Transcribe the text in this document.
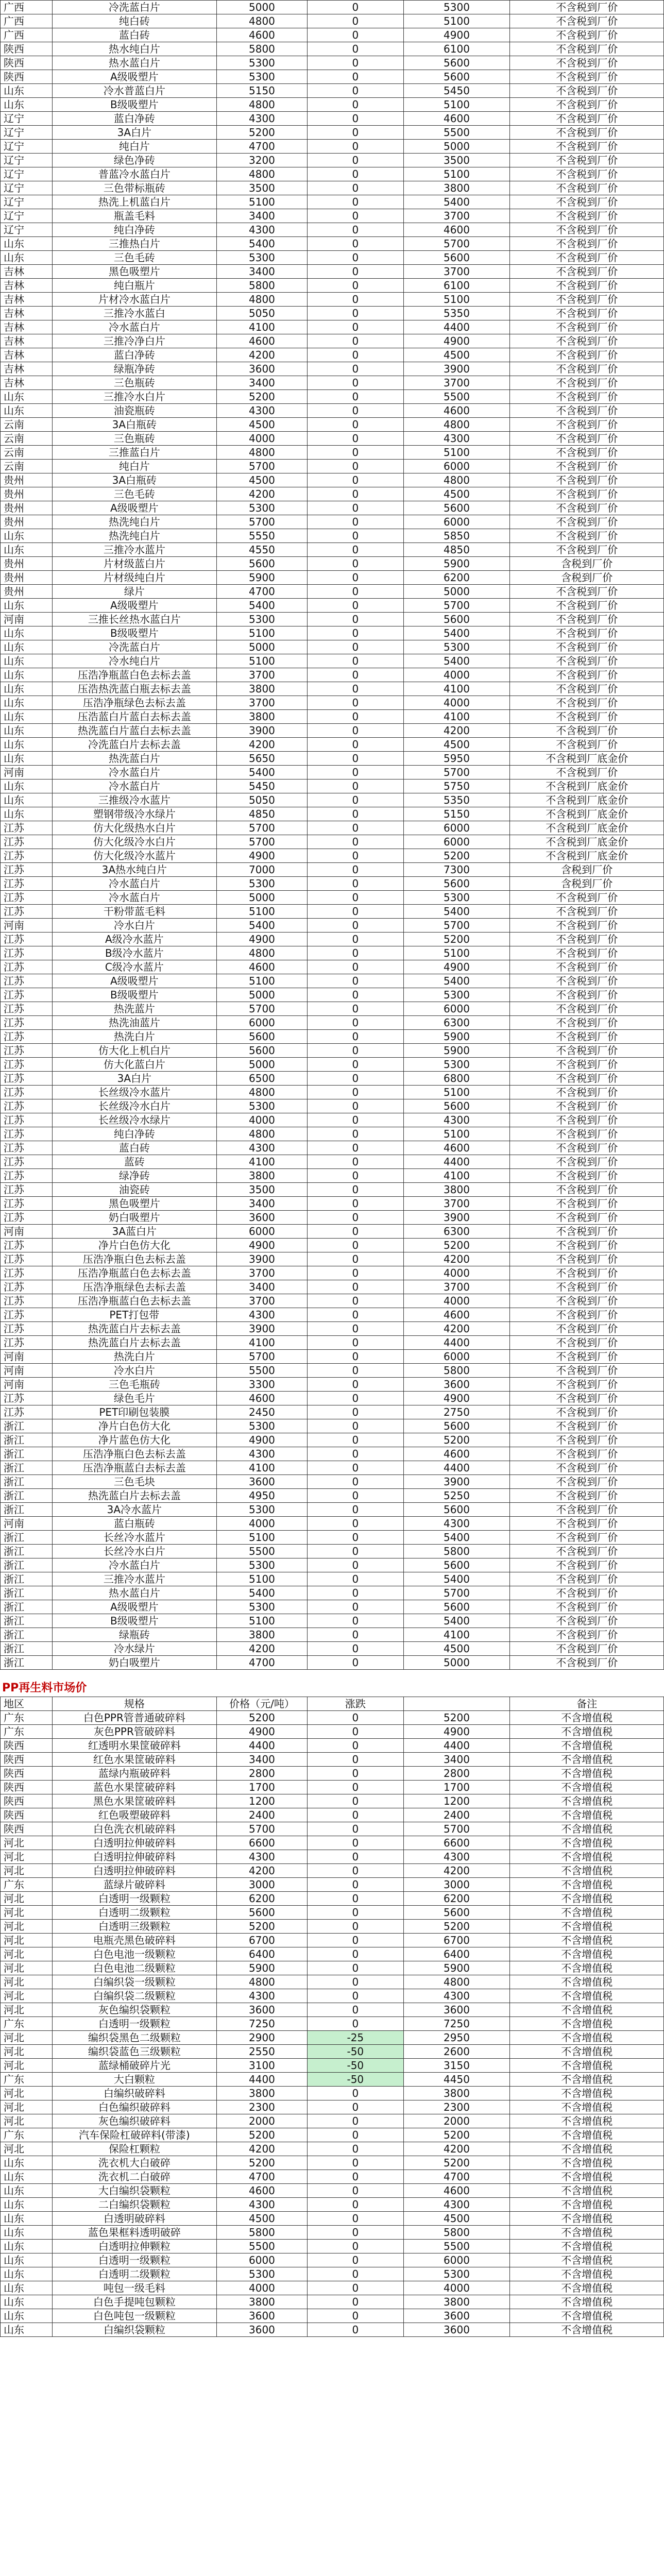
广西	冷洗蓝白片	5000	0	5300	不含税到厂价
广西	纯白砖	4800	0	5100	不含税到厂价
广西	蓝白砖	4600	0	4900	不含税到厂价
陕西	热水纯白片	5800	0	6100	不含税到厂价
陕西	热水蓝白片	5300	0	5600	不含税到厂价
陕西	A级吸塑片	5300	0	5600	不含税到厂价
山东	冷水普蓝白片	5150	0	5450	不含税到厂价
山东	B级吸塑片	4800	0	5100	不含税到厂价
辽宁	蓝白净砖	4300	0	4600	不含税到厂价
辽宁	3A白片	5200	0	5500	不含税到厂价
辽宁	纯白片	4700	0	5000	不含税到厂价
辽宁	绿色净砖	3200	0	3500	不含税到厂价
辽宁	普蓝冷水蓝白片	4800	0	5100	不含税到厂价
辽宁	三色带标瓶砖	3500	0	3800	不含税到厂价
辽宁	热洗上机蓝白片	5100	0	5400	不含税到厂价
辽宁	瓶盖毛料	3400	0	3700	不含税到厂价
辽宁	纯白净砖	4300	0	4600	不含税到厂价
山东	三推热白片	5400	0	5700	不含税到厂价
山东	三色毛砖	5300	0	5600	不含税到厂价
吉林	黑色吸塑片	3400	0	3700	不含税到厂价
吉林	纯白瓶片	5800	0	6100	不含税到厂价
吉林	片材冷水蓝白片	4800	0	5100	不含税到厂价
吉林	三推冷水蓝白	5050	0	5350	不含税到厂价
吉林	冷水蓝白片	4100	0	4400	不含税到厂价
吉林	三推冷净白片	4600	0	4900	不含税到厂价
吉林	蓝白净砖	4200	0	4500	不含税到厂价
吉林	绿瓶净砖	3600	0	3900	不含税到厂价
吉林	三色瓶砖	3400	0	3700	不含税到厂价
山东	三推冷水白片	5200	0	5500	不含税到厂价
山东	油瓷瓶砖	4300	0	4600	不含税到厂价
云南	3A白瓶砖	4500	0	4800	不含税到厂价
云南	三色瓶砖	4000	0	4300	不含税到厂价
云南	三推蓝白片	4800	0	5100	不含税到厂价
云南	纯白片	5700	0	6000	不含税到厂价
贵州	3A白瓶砖	4500	0	4800	不含税到厂价
贵州	三色毛砖	4200	0	4500	不含税到厂价
贵州	A级吸塑片	5300	0	5600	不含税到厂价
贵州	热洗纯白片	5700	0	6000	不含税到厂价
山东	热洗纯白片	5550	0	5850	不含税到厂价
山东	三推冷水蓝片	4550	0	4850	不含税到厂价
贵州	片材级蓝白片	5600	0	5900	含税到厂价
贵州	片材级纯白片	5900	0	6200	含税到厂价
贵州	绿片	4700	0	5000	不含税到厂价
山东	A级吸塑片	5400	0	5700	不含税到厂价
河南	三推长丝热水蓝白片	5300	0	5600	不含税到厂价
山东	B级吸塑片	5100	0	5400	不含税到厂价
山东	冷洗蓝白片	5000	0	5300	不含税到厂价
山东	冷水纯白片	5100	0	5400	不含税到厂价
山东	压浩净瓶蓝白色去标去盖	3700	0	4000	不含税到厂价
山东	压浩热洗蓝白瓶去标去盖	3800	0	4100	不含税到厂价
山东	压浩净瓶绿色去标去盖	3700	0	4000	不含税到厂价
山东	压浩蓝白片蓝白去标去盖	3800	0	4100	不含税到厂价
山东	热洗蓝白片蓝白去标去盖	3900	0	4200	不含税到厂价
山东	冷洗蓝白片去标去盖	4200	0	4500	不含税到厂价
山东	热洗蓝白片	5650	0	5950	不含税到厂底金价
河南	冷水蓝白片	5400	0	5700	不含税到厂价
山东	冷水蓝白片	5450	0	5750	不含税到厂底金价
山东	三推级冷水蓝片	5050	0	5350	不含税到厂底金价
山东	塑钢带级冷水绿片	4850	0	5150	不含税到厂底金价
江苏	仿大化级热水白片	5700	0	6000	不含税到厂底金价
江苏	仿大化级冷水白片	5700	0	6000	不含税到厂底金价
江苏	仿大化级冷水蓝片	4900	0	5200	不含税到厂底金价
江苏	3A热水纯白片	7000	0	7300	含税到厂价
江苏	冷水蓝白片	5300	0	5600	含税到厂价
江苏	冷水蓝白片	5000	0	5300	不含税到厂价
江苏	干粉带蓝毛料	5100	0	5400	不含税到厂价
河南	冷水白片	5400	0	5700	不含税到厂价
江苏	A级冷水蓝片	4900	0	5200	不含税到厂价
江苏	B级冷水蓝片	4800	0	5100	不含税到厂价
江苏	C级冷水蓝片	4600	0	4900	不含税到厂价
江苏	A级吸塑片	5100	0	5400	不含税到厂价
江苏	B级吸塑片	5000	0	5300	不含税到厂价
江苏	热洗蓝片	5700	0	6000	不含税到厂价
江苏	热洗油蓝片	6000	0	6300	不含税到厂价
江苏	热洗白片	5600	0	5900	不含税到厂价
江苏	仿大化上机白片	5600	0	5900	不含税到厂价
江苏	仿大化蓝白片	5000	0	5300	不含税到厂价
江苏	3A白片	6500	0	6800	不含税到厂价
江苏	长丝级冷水蓝片	4800	0	5100	不含税到厂价
江苏	长丝级冷水白片	5300	0	5600	不含税到厂价
江苏	长丝级冷水绿片	4000	0	4300	不含税到厂价
江苏	纯白净砖	4800	0	5100	不含税到厂价
江苏	蓝白砖	4300	0	4600	不含税到厂价
江苏	蓝砖	4100	0	4400	不含税到厂价
江苏	绿净砖	3800	0	4100	不含税到厂价
江苏	油瓷砖	3500	0	3800	不含税到厂价
江苏	黑色吸塑片	3400	0	3700	不含税到厂价
江苏	奶白吸塑片	3600	0	3900	不含税到厂价
河南	3A蓝白片	6000	0	6300	不含税到厂价
江苏	净片白色仿大化	4900	0	5200	不含税到厂价
江苏	压浩净瓶白色去标去盖	3900	0	4200	不含税到厂价
江苏	压浩净瓶蓝白色去标去盖	3700	0	4000	不含税到厂价
江苏	压浩净瓶绿色去标去盖	3400	0	3700	不含税到厂价
江苏	压浩净瓶蓝白色去标去盖	3700	0	4000	不含税到厂价
江苏	PET打包带	4300	0	4600	不含税到厂价
江苏	热洗蓝白片去标去盖	3900	0	4200	不含税到厂价
江苏	热洗蓝白片去标去盖	4100	0	4400	不含税到厂价
河南	热洗白片	5700	0	6000	不含税到厂价
河南	冷水白片	5500	0	5800	不含税到厂价
河南	三色毛瓶砖	3300	0	3600	不含税到厂价
江苏	绿色毛片	4600	0	4900	不含税到厂价
江苏	PET印刷包装膜	2450	0	2750	不含税到厂价
浙江	净片白色仿大化	5300	0	5600	不含税到厂价
浙江	净片蓝色仿大化	4900	0	5200	不含税到厂价
浙江	压浩净瓶白色去标去盖	4300	0	4600	不含税到厂价
浙江	压浩净瓶蓝白去标去盖	4100	0	4400	不含税到厂价
浙江	三色毛块	3600	0	3900	不含税到厂价
浙江	热洗蓝白片去标去盖	4950	0	5250	不含税到厂价
浙江	3A冷水蓝片	5300	0	5600	不含税到厂价
河南	蓝白瓶砖	4000	0	4300	不含税到厂价
浙江	长丝冷水蓝片	5100	0	5400	不含税到厂价
浙江	长丝冷水白片	5500	0	5800	不含税到厂价
浙江	冷水蓝白片	5300	0	5600	不含税到厂价
浙江	三推冷水蓝片	5100	0	5400	不含税到厂价
浙江	热水蓝白片	5400	0	5700	不含税到厂价
浙江	A级吸塑片	5300	0	5600	不含税到厂价
浙江	B级吸塑片	5100	0	5400	不含税到厂价
浙江	绿瓶砖	3800	0	4100	不含税到厂价
浙江	冷水绿片	4200	0	4500	不含税到厂价
浙江	奶白吸塑片	4700	0	5000	不含税到厂价
PP再生料市场价
地区	规格	价格（元/吨）	涨跌		备注
广东	白色PPR管普通破碎料	5200	0	5200	不含增值税
广东	灰色PPR管破碎料	4900	0	4900	不含增值税
陕西	红透明水果筐破碎料	4400	0	4400	不含增值税
陕西	红色水果筐破碎料	3400	0	3400	不含增值税
陕西	蓝绿内瓶破碎料	2800	0	2800	不含增值税
陕西	蓝色水果筐破碎料	1700	0	1700	不含增值税
陕西	黑色水果筐破碎料	1200	0	1200	不含增值税
陕西	红色吸塑破碎料	2400	0	2400	不含增值税
陕西	白色洗衣机破碎料	5700	0	5700	不含增值税
河北	白透明拉伸破碎料	6600	0	6600	不含增值税
河北	白透明拉伸破碎料	4300	0	4300	不含增值税
河北	白透明拉伸破碎料	4200	0	4200	不含增值税
广东	蓝绿片破碎料	3000	0	3000	不含增值税
河北	白透明一级颗粒	6200	0	6200	不含增值税
河北	白透明二级颗粒	5600	0	5600	不含增值税
河北	白透明三级颗粒	5200	0	5200	不含增值税
河北	电瓶壳黑色破碎料	6700	0	6700	不含增值税
河北	白色电池一级颗粒	6400	0	6400	不含增值税
河北	白色电池二级颗粒	5900	0	5900	不含增值税
河北	白编织袋一级颗粒	4800	0	4800	不含增值税
河北	白编织袋二级颗粒	4300	0	4300	不含增值税
河北	灰色编织袋颗粒	3600	0	3600	不含增值税
广东	白透明一级颗粒	7250	0	7250	不含增值税
河北	编织袋黑色二级颗粒	2900	-25	2950	不含增值税
河北	编织袋蓝色三级颗粒	2550	-50	2600	不含增值税
河北	蓝绿桶破碎片光	3100	-50	3150	不含增值税
广东	大白颗粒	4400	-50	4450	不含增值税
河北	白编织破碎料	3800	0	3800	不含增值税
河北	白色编织破碎料	2300	0	2300	不含增值税
河北	灰色编织破碎料	2000	0	2000	不含增值税
广东	汽车保险杠破碎料(带漆)	5200	0	5200	不含增值税
河北	保险杠颗粒	4200	0	4200	不含增值税
山东	洗衣机大白破碎	5200	0	5200	不含增值税
山东	洗衣机二白破碎	4700	0	4700	不含增值税
山东	大白编织袋颗粒	4600	0	4600	不含增值税
山东	二白编织袋颗粒	4300	0	4300	不含增值税
山东	白透明破碎料	4500	0	4500	不含增值税
山东	蓝色果框料透明破碎	5800	0	5800	不含增值税
山东	白透明拉伸颗粒	5500	0	5500	不含增值税
山东	白透明一级颗粒	6000	0	6000	不含增值税
山东	白透明二级颗粒	5300	0	5300	不含增值税
山东	吨包一级毛料	4000	0	4000	不含增值税
山东	白色手提吨包颗粒	3800	0	3800	不含增值税
山东	白色吨包一级颗粒	3600	0	3600	不含增值税
山东	白编织袋颗粒	3600	0	3600	不含增值税
